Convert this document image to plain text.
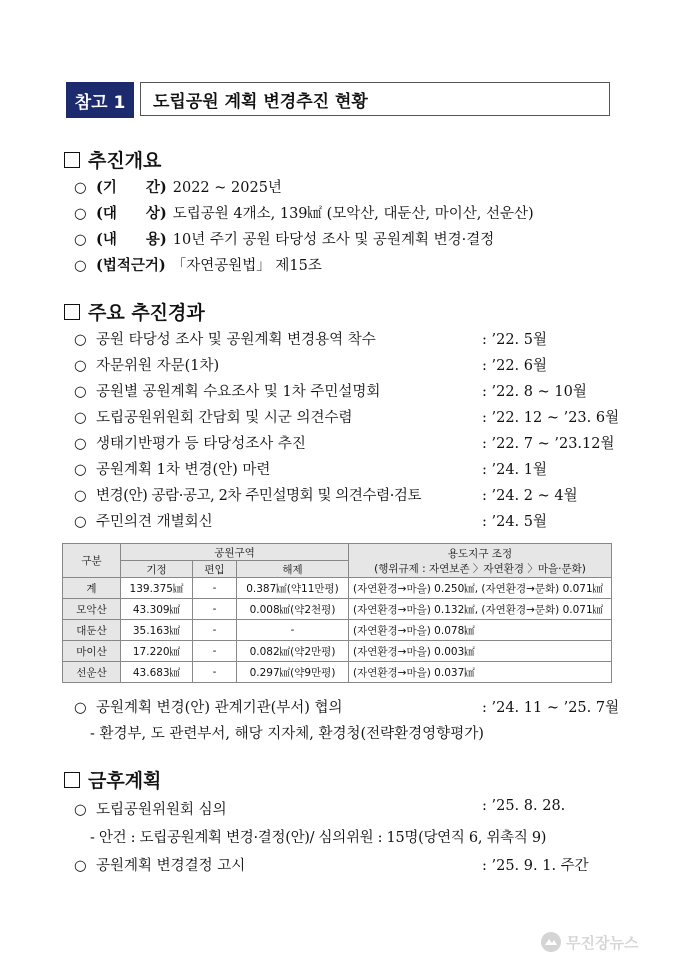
참고 1	도립공원 계획 변경추진 현황
추진개요
○ (기　　간) 2022 ~ 2025년
○ (대　　상) 도립공원 4개소, 139㎢ (모악산, 대둔산, 마이산, 선운산)
○ (내　　용) 10년 주기 공원 타당성 조사 및 공원계획 변경·결정
○ (법적근거) 「자연공원법」 제15조
주요 추진경과
○ 공원 타당성 조사 및 공원계획 변경용역 착수	: ’22. 5월
○ 자문위원 자문(1차)	: ’22. 6월
○ 공원별 공원계획 수요조사 및 1차 주민설명회	: ’22. 8 ~ 10월
○ 도립공원위원회 간담회 및 시군 의견수렴	: ’22. 12 ~ ’23. 6월
○ 생태기반평가 등 타당성조사 추진	: ’22. 7 ~ ’23.12월
○ 공원계획 1차 변경(안) 마련	: ’24. 1월
○ 변경(안) 공람·공고, 2차 주민설명회 및 의견수렴·검토	: ’24. 2 ~ 4월
○ 주민의견 개별회신	: ’24. 5월
구분	공원구역			용도지구 조정
(행위규제 : 자연보존 〉자연환경 〉마을·문화)

	기정	편입	해제	
계	139.375㎢	-	0.387㎢(약11만평)	(자연환경→마을) 0.250㎢, (자연환경→문화) 0.071㎢
모악산	43.309㎢	-	0.008㎢(약2천평)	(자연환경→마을) 0.132㎢, (자연환경→문화) 0.071㎢
대둔산	35.163㎢	-	-	(자연환경→마을) 0.078㎢
마이산	17.220㎢	-	0.082㎢(약2만평)	(자연환경→마을) 0.003㎢
선운산	43.683㎢	-	0.297㎢(약9만평)	(자연환경→마을) 0.037㎢
○ 공원계획 변경(안) 관계기관(부서) 협의	: ’24. 11 ~ ’25. 7월
- 환경부, 도 관련부서, 해당 지자체, 환경청(전략환경영향평가)
금후계획
○ 도립공원위원회 심의	: ’25. 8. 28.
- 안건 : 도립공원계획 변경·결정(안)/ 심의위원 : 15명(당연직 6, 위촉직 9)
○ 공원계획 변경결정 고시	: ’25. 9. 1. 주간
무진장뉴스
